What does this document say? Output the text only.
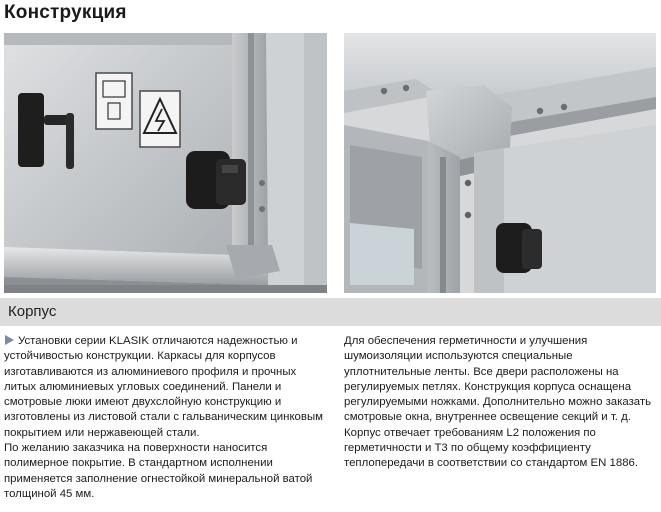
Конструкция
Корпус

Установки серии KLASIK отличаются надежностью и устойчивостью конструкции. Каркасы для корпусов изготавливаются из алюминиевого профиля и прочных литых алюминиевых угловых соединений. Панели и смотровые люки имеют двухслойную конструкцию и изготовлены из листовой стали с гальваническим цинковым покрытием или нержавеющей стали.

По желанию заказчика на поверхности наносится полимерное покрытие. В стандартном исполнении применяется заполнение огнестойкой минеральной ватой толщиной 45 мм.

Для обеспечения герметичности и улучшения шумоизоляции используются специальные уплотнительные ленты. Все двери расположены на регулируемых петлях. Конструкция корпуса оснащена регулируемыми ножками. Дополнительно можно заказать смотровые окна, внутреннее освещение секций и т. д.

Корпус отвечает требованиям L2 положения по герметичности и T3 по общему коэффициенту теплопередачи в соответствии со стандартом EN 1886.
